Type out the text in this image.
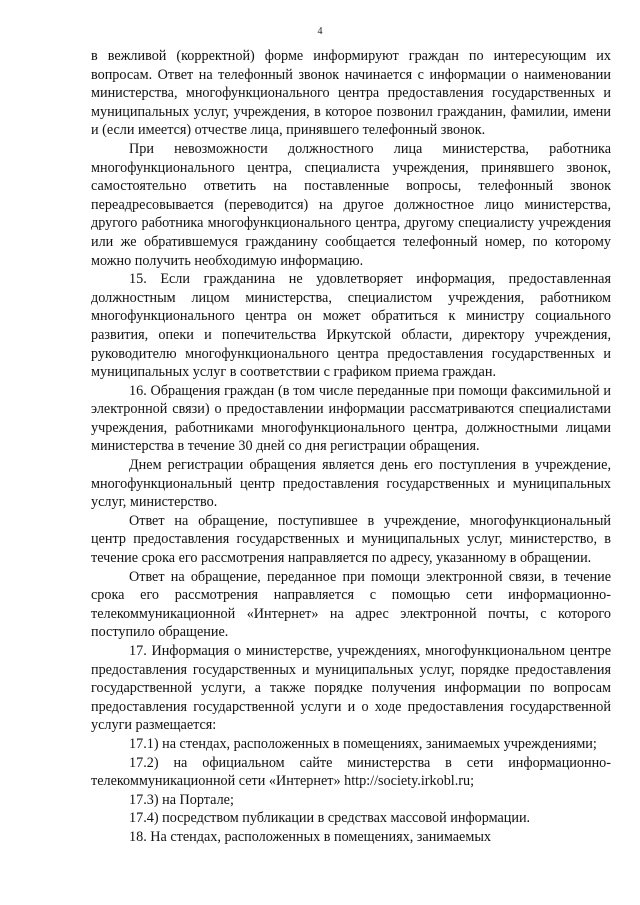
4

в вежливой (корректной) форме информируют граждан по интересующим их вопросам. Ответ на телефонный звонок начинается с информации о наименовании министерства, многофункционального центра предоставления государственных и муниципальных услуг, учреждения, в которое позвонил гражданин, фамилии, имени и (если имеется) отчестве лица, принявшего телефонный звонок.

При невозможности должностного лица министерства, работника многофункционального центра, специалиста учреждения, принявшего звонок, самостоятельно ответить на поставленные вопросы, телефонный звонок переадресовывается (переводится) на другое должностное лицо министерства, другого работника многофункционального центра, другому специалисту учреждения или же обратившемуся гражданину сообщается телефонный номер, по которому можно получить необходимую информацию.

15. Если гражданина не удовлетворяет информация, предоставленная должностным лицом министерства, специалистом учреждения, работником многофункционального центра он может обратиться к министру социального развития, опеки и попечительства Иркутской области, директору учреждения, руководителю многофункционального центра предоставления государственных и муниципальных услуг в соответствии с графиком приема граждан.

16. Обращения граждан (в том числе переданные при помощи факсимильной и электронной связи) о предоставлении информации рассматриваются специалистами учреждения, работниками многофункционального центра, должностными лицами министерства в течение 30 дней со дня регистрации обращения.

Днем регистрации обращения является день его поступления в учреждение, многофункциональный центр предоставления государственных и муниципальных услуг, министерство.

Ответ на обращение, поступившее в учреждение, многофункциональный центр предоставления государственных и муниципальных услуг, министерство, в течение срока его рассмотрения направляется по адресу, указанному в обращении.

Ответ на обращение, переданное при помощи электронной связи, в течение срока его рассмотрения направляется с помощью сети информационно-телекоммуникационной «Интернет» на адрес электронной почты, с которого поступило обращение.

17. Информация о министерстве, учреждениях, многофункциональном центре предоставления государственных и муниципальных услуг, порядке предоставления государственной услуги, а также порядке получения информации по вопросам предоставления государственной услуги и о ходе предоставления государственной услуги размещается:

17.1) на стендах, расположенных в помещениях, занимаемых учреждениями;

17.2) на официальном сайте министерства в сети информационно-телекоммуникационной сети «Интернет» http://society.irkobl.ru;

17.3) на Портале;

17.4) посредством публикации в средствах массовой информации.

18. На стендах, расположенных в помещениях, занимаемых
